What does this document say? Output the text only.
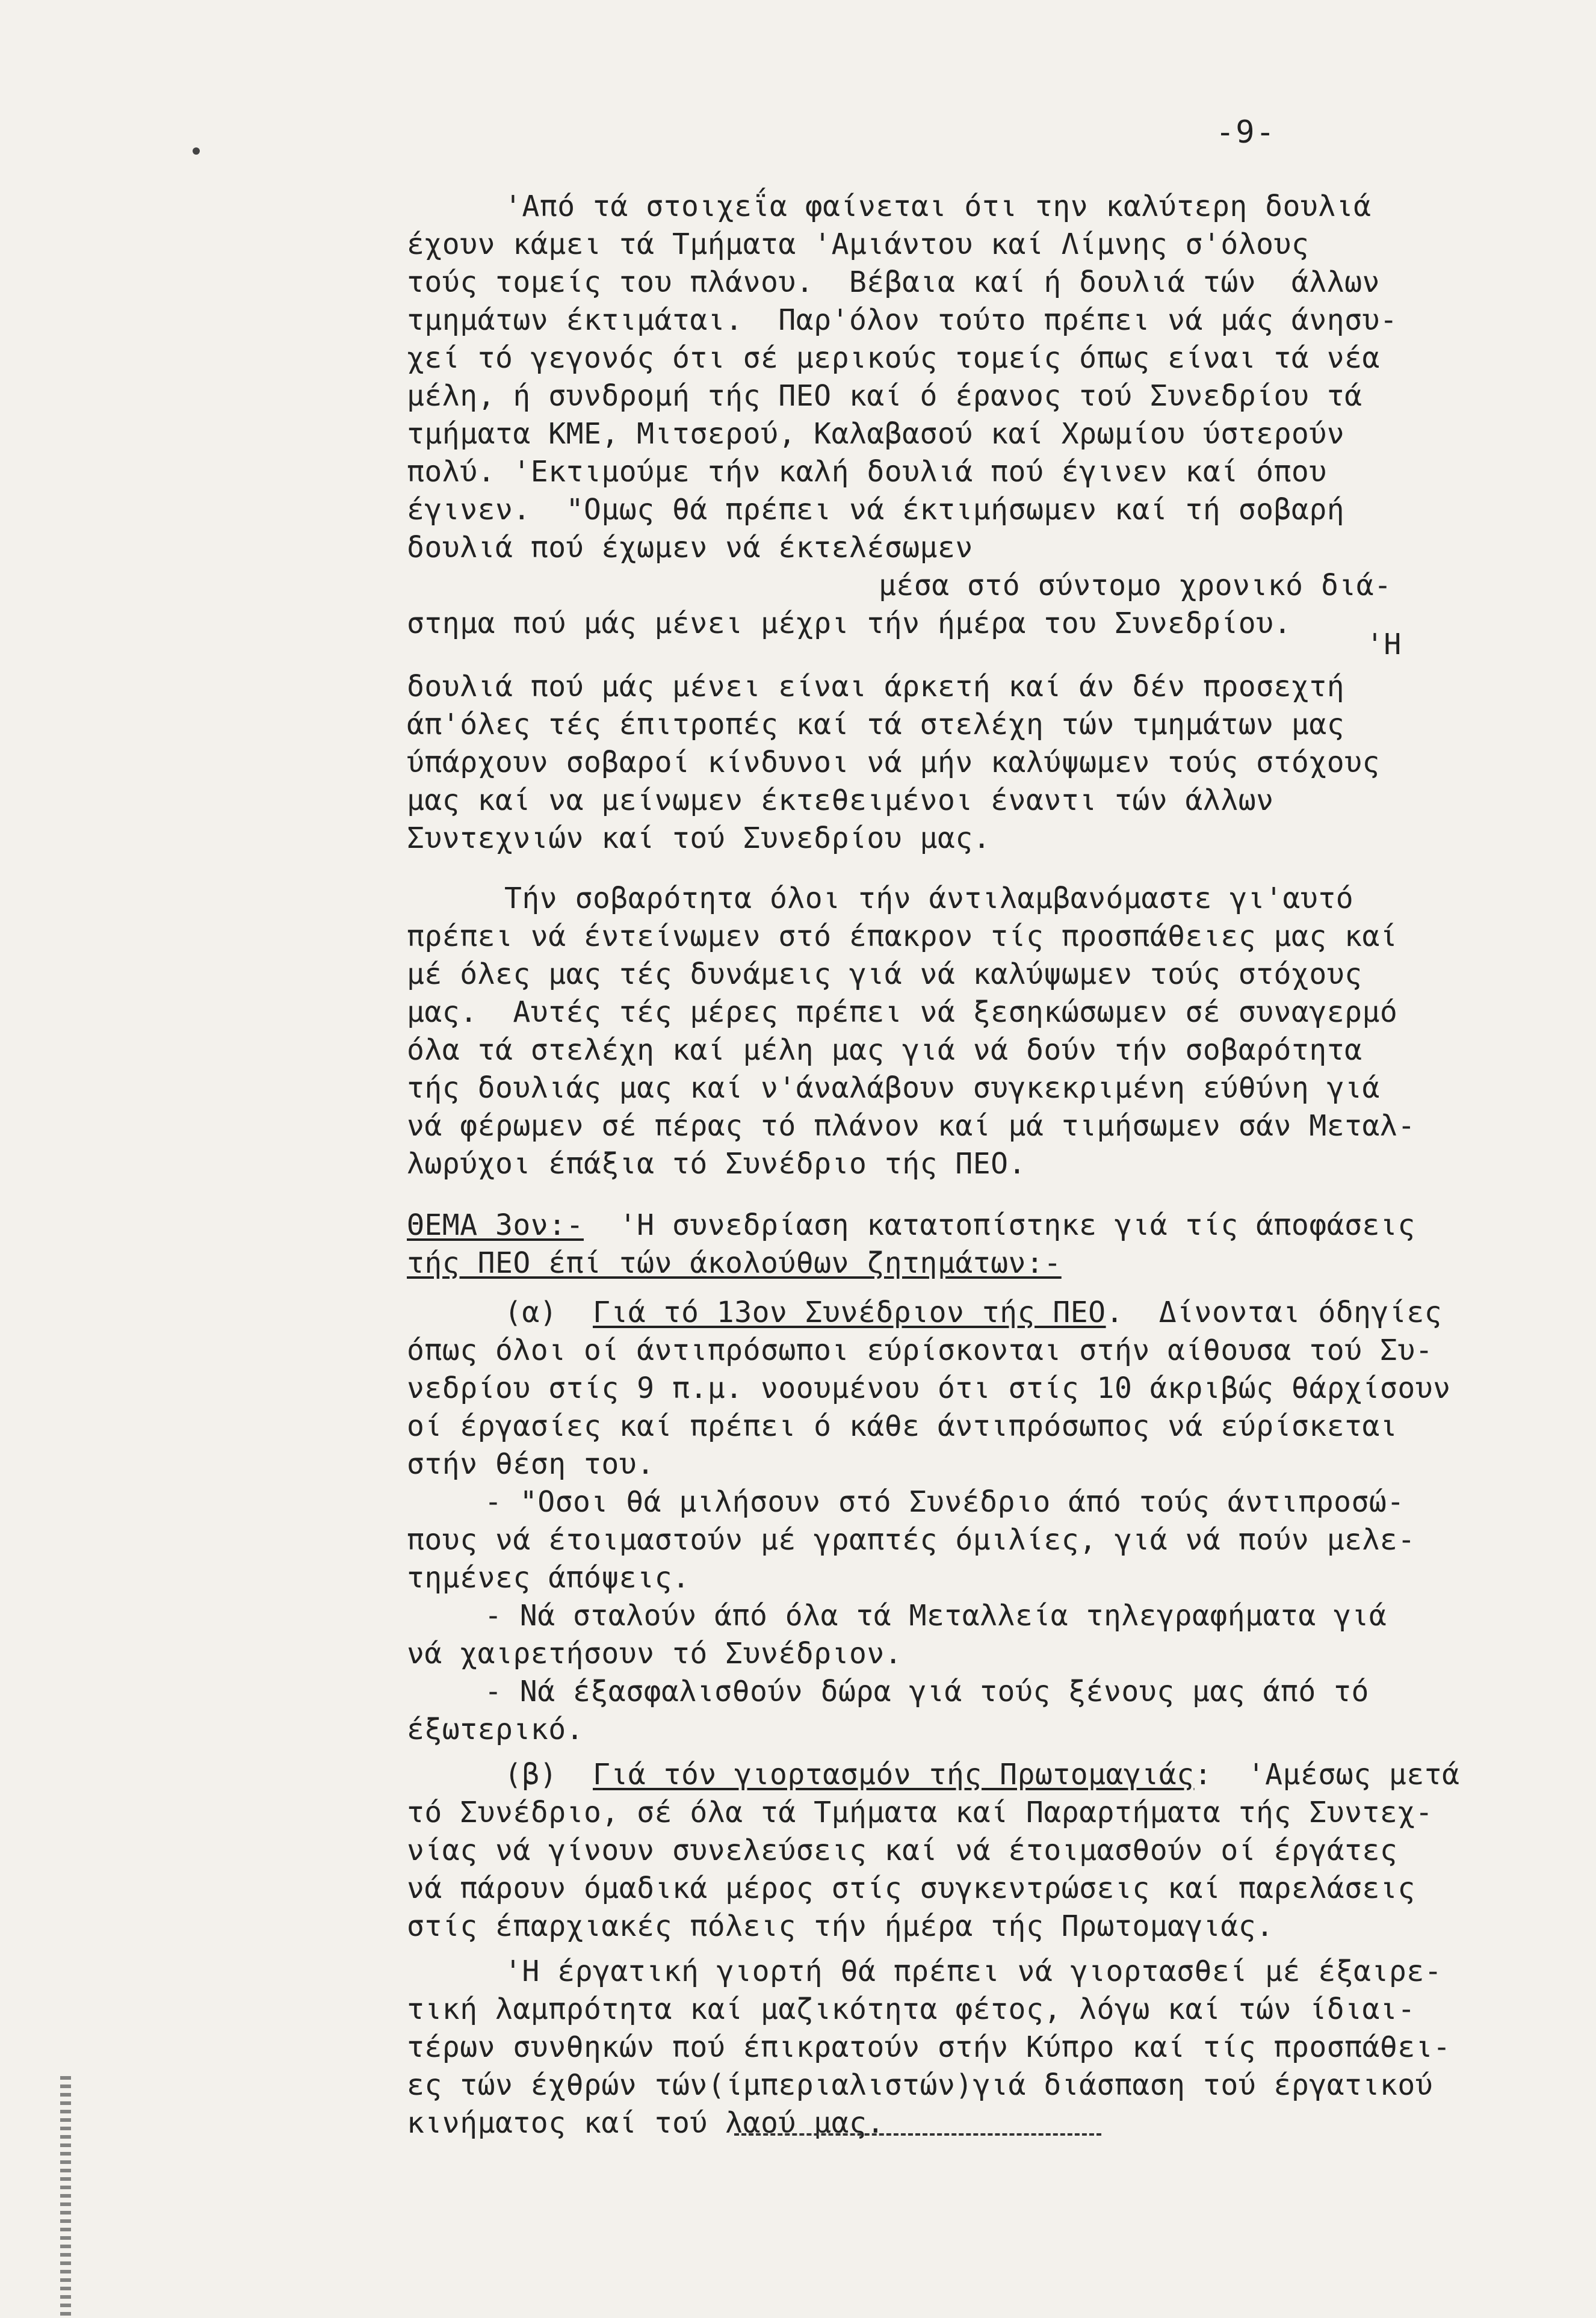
-9-
'Από τά στοιχεΐα φαίνεται ότι την καλύτερη δουλιά
έχουν κάμει τά Τμήματα 'Αμιάντου καί Λίμνης σ'όλους
τούς τομείς του πλάνου.  Βέβαια καί ή δουλιά τών  άλλων
τμημάτων έκτιμάται.  Παρ'όλον τούτο πρέπει νά μάς άνησυ-
χεί τό γεγονός ότι σέ μερικούς τομείς όπως είναι τά νέα
μέλη, ή συνδρομή τής ΠΕΟ καί ό έρανος τού Συνεδρίου τά
τμήματα ΚΜΕ, Μιτσερού, Καλαβασού καί Χρωμίου ύστερούν
πολύ. 'Εκτιμούμε τήν καλή δουλιά πού έγινεν καί όπου
έγινεν.  "Ομως θά πρέπει νά έκτιμήσωμεν καί τή σοβαρή
δουλιά πού έχωμεν νά έκτελέσωμεν
μέσα στό σύντομο χρονικό διά-
στημα πού μάς μένει μέχρι τήν ήμέρα του Συνεδρίου.
'Η
δουλιά πού μάς μένει είναι άρκετή καί άν δέν προσεχτή
άπ'όλες τές έπιτροπές καί τά στελέχη τών τμημάτων μας
ύπάρχουν σοβαροί κίνδυνοι νά μήν καλύψωμεν τούς στόχους
μας καί να μείνωμεν έκτεθειμένοι έναντι τών άλλων
Συντεχνιών καί τού Συνεδρίου μας.
Τήν σοβαρότητα όλοι τήν άντιλαμβανόμαστε γι'αυτό
πρέπει νά έντείνωμεν στό έπακρον τίς προσπάθειες μας καί
μέ όλες μας τές δυνάμεις γιά νά καλύψωμεν τούς στόχους
μας.  Αυτές τές μέρες πρέπει νά ξεσηκώσωμεν σέ συναγερμό
όλα τά στελέχη καί μέλη μας γιά νά δούν τήν σοβαρότητα
τής δουλιάς μας καί ν'άναλάβουν συγκεκριμένη εύθύνη γιά
νά φέρωμεν σέ πέρας τό πλάνον καί μά τιμήσωμεν σάν Μεταλ-
λωρύχοι έπάξια τό Συνέδριο τής ΠΕΟ.
ΘΕΜΑ 3ον:-  'Η συνεδρίαση κατατοπίστηκε γιά τίς άποφάσεις
τής ΠΕΟ έπί τών άκολούθων ζητημάτων:-
(α)  Γιά τό 13ον Συνέδριον τής ΠΕΟ.  Δίνονται όδηγίες
όπως όλοι οί άντιπρόσωποι εύρίσκονται στήν αίθουσα τού Συ-
νεδρίου στίς 9 π.μ. νοουμένου ότι στίς 10 άκριβώς θάρχίσουν
οί έργασίες καί πρέπει ό κάθε άντιπρόσωπος νά εύρίσκεται
στήν θέση του.
- "Οσοι θά μιλήσουν στό Συνέδριο άπό τούς άντιπροσώ-
πους νά έτοιμαστούν μέ γραπτές όμιλίες, γιά νά πούν μελε-
τημένες άπόψεις.
- Νά σταλούν άπό όλα τά Μεταλλεία τηλεγραφήματα γιά
νά χαιρετήσουν τό Συνέδριον.
- Νά έξασφαλισθούν δώρα γιά τούς ξένους μας άπό τό
έξωτερικό.
(β)  Γιά τόν γιορτασμόν τής Πρωτομαγιάς:  'Αμέσως μετά
τό Συνέδριο, σέ όλα τά Τμήματα καί Παραρτήματα τής Συντεχ-
νίας νά γίνουν συνελεύσεις καί νά έτοιμασθούν οί έργάτες
νά πάρουν όμαδικά μέρος στίς συγκεντρώσεις καί παρελάσεις
στίς έπαρχιακές πόλεις τήν ήμέρα τής Πρωτομαγιάς.
'Η έργατική γιορτή θά πρέπει νά γιορτασθεί μέ έξαιρε-
τική λαμπρότητα καί μαζικότητα φέτος, λόγω καί τών ίδιαι-
τέρων συνθηκών πού έπικρατούν στήν Κύπρο καί τίς προσπάθει-
ες τών έχθρών τών(ίμπεριαλιστών)γιά διάσπαση τού έργατικού
κινήματος καί τού λαού μας.
